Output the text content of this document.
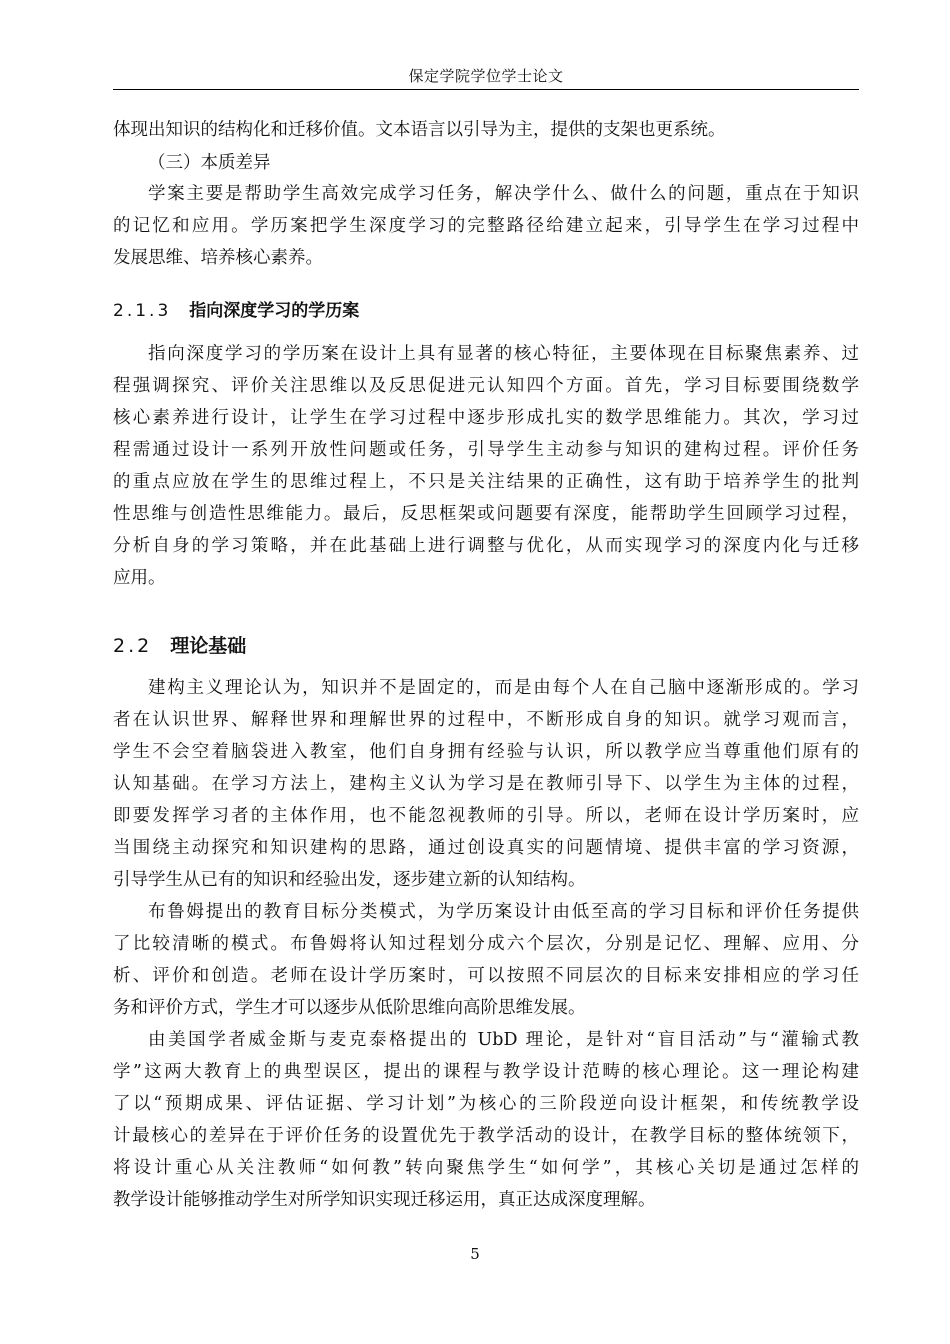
保定学院学位学士论文
体现出知识的结构化和迁移价值。文本语言以引导为主，提供的支架也更系统。
（三）本质差异
学案主要是帮助学生高效完成学习任务，解决学什么、做什么的问题，重点在于知识
的记忆和应用。学历案把学生深度学习的完整路径给建立起来，引导学生在学习过程中
发展思维、培养核心素养。
2.1.3 指向深度学习的学历案
指向深度学习的学历案在设计上具有显著的核心特征，主要体现在目标聚焦素养、过
程强调探究、评价关注思维以及反思促进元认知四个方面。首先，学习目标要围绕数学
核心素养进行设计，让学生在学习过程中逐步形成扎实的数学思维能力。其次，学习过
程需通过设计一系列开放性问题或任务，引导学生主动参与知识的建构过程。评价任务
的重点应放在学生的思维过程上，不只是关注结果的正确性，这有助于培养学生的批判
性思维与创造性思维能力。最后，反思框架或问题要有深度，能帮助学生回顾学习过程，
分析自身的学习策略，并在此基础上进行调整与优化，从而实现学习的深度内化与迁移
应用。
2.2 理论基础
建构主义理论认为，知识并不是固定的，而是由每个人在自己脑中逐渐形成的。学习
者在认识世界、解释世界和理解世界的过程中，不断形成自身的知识。就学习观而言，
学生不会空着脑袋进入教室，他们自身拥有经验与认识，所以教学应当尊重他们原有的
认知基础。在学习方法上，建构主义认为学习是在教师引导下、以学生为主体的过程，
即要发挥学习者的主体作用，也不能忽视教师的引导。所以，老师在设计学历案时，应
当围绕主动探究和知识建构的思路，通过创设真实的问题情境、提供丰富的学习资源，
引导学生从已有的知识和经验出发，逐步建立新的认知结构。
布鲁姆提出的教育目标分类模式，为学历案设计由低至高的学习目标和评价任务提供
了比较清晰的模式。布鲁姆将认知过程划分成六个层次，分别是记忆、理解、应用、分
析、评价和创造。老师在设计学历案时，可以按照不同层次的目标来安排相应的学习任
务和评价方式，学生才可以逐步从低阶思维向高阶思维发展。
由美国学者威金斯与麦克泰格提出的 UbD 理论，是针对“盲目活动”与“灌输式教
学”这两大教育上的典型误区，提出的课程与教学设计范畴的核心理论。这一理论构建
了以“预期成果、评估证据、学习计划”为核心的三阶段逆向设计框架，和传统教学设
计最核心的差异在于评价任务的设置优先于教学活动的设计，在教学目标的整体统领下，
将设计重心从关注教师“如何教”转向聚焦学生“如何学”，其核心关切是通过怎样的
教学设计能够推动学生对所学知识实现迁移运用，真正达成深度理解。
5
